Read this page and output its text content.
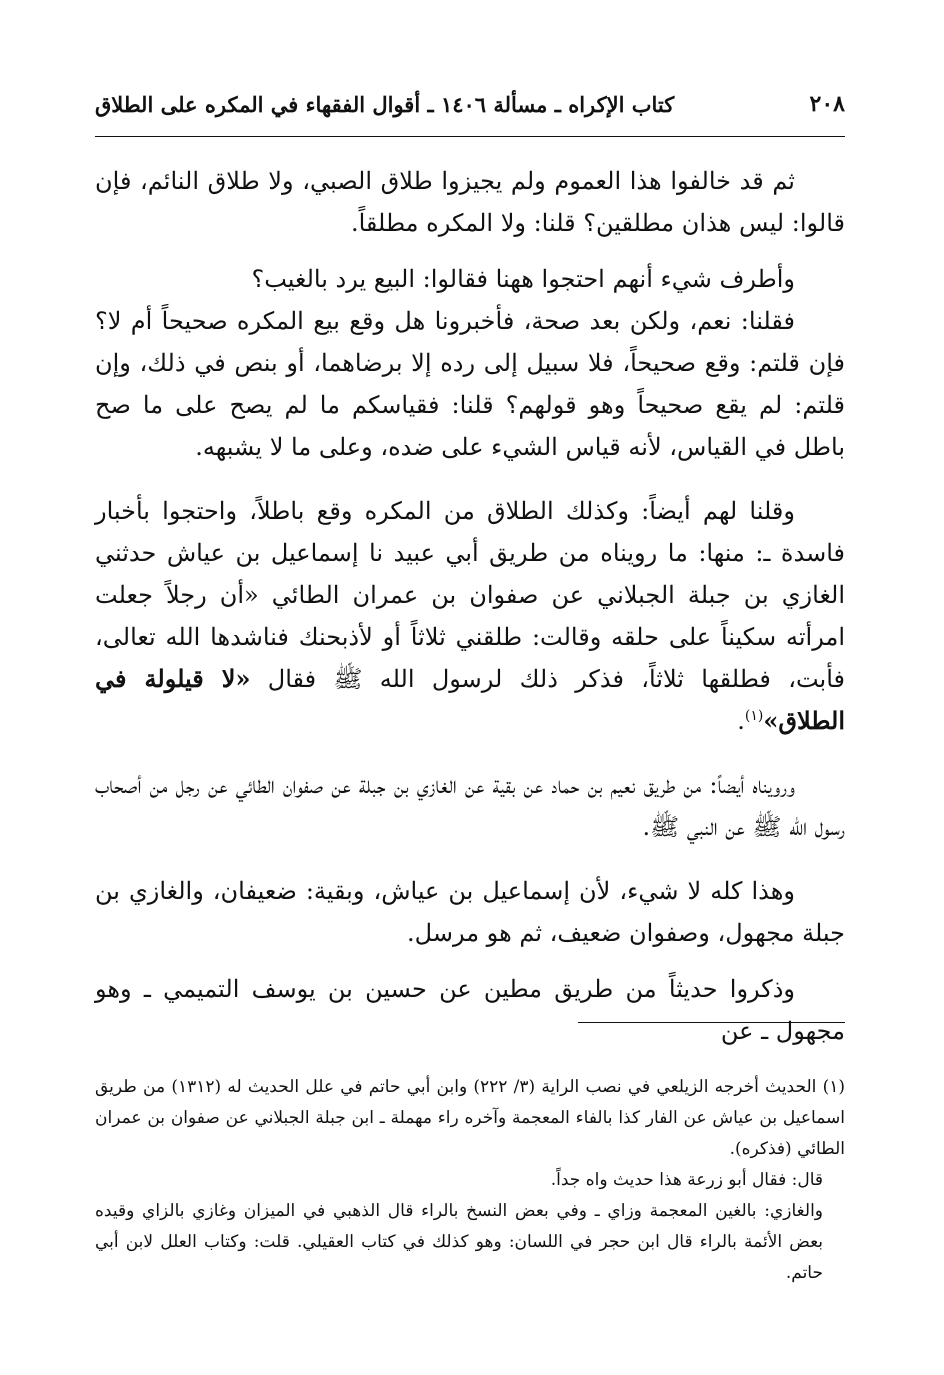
٢٠٨
كتاب الإكراه ـ مسألة ١٤٠٦ ـ أقوال الفقهاء في المكره على الطلاق

ثم قد خالفوا هذا العموم ولم يجيزوا طلاق الصبي، ولا طلاق النائم، فإن قالوا: ليس هذان مطلقين؟ قلنا: ولا المكره مطلقاً.

وأطرف شيء أنهم احتجوا ههنا فقالوا: البيع يرد بالغيب؟

فقلنا: نعم، ولكن بعد صحة، فأخبرونا هل وقع بيع المكره صحيحاً أم لا؟ فإن قلتم: وقع صحيحاً، فلا سبيل إلى رده إلا برضاهما، أو بنص في ذلك، وإن قلتم: لم يقع صحيحاً وهو قولهم؟ قلنا: فقياسكم ما لم يصح على ما صح باطل في القياس، لأنه قياس الشيء على ضده، وعلى ما لا يشبهه.

وقلنا لهم أيضاً: وكذلك الطلاق من المكره وقع باطلاً، واحتجوا بأخبار فاسدة ـ: منها: ما رويناه من طريق أبي عبيد نا إسماعيل بن عياش حدثني الغازي بن جبلة الجبلاني عن صفوان بن عمران الطائي «أن رجلاً جعلت امرأته سكيناً على حلقه وقالت: طلقني ثلاثاً أو لأذبحنك فناشدها الله تعالى، فأبت، فطلقها ثلاثاً، فذكر ذلك لرسول الله ﷺ فقال «لا قيلولة في الطلاق»$^{(١)}$.

ورويناه أيضاً: من طريق نعيم بن حماد عن بقية عن الغازي بن جبلة عن صفوان الطائي عن رجل من أصحاب رسول الله ﷺ عن النبي ﷺ.

وهذا كله لا شيء، لأن إسماعيل بن عياش، وبقية: ضعيفان، والغازي بن جبلة مجهول، وصفوان ضعيف، ثم هو مرسل.

وذكروا حديثاً من طريق مطين عن حسين بن يوسف التميمي ـ وهو مجهول ـ عن

(١) الحديث أخرجه الزيلعي في نصب الراية (٣/ ٢٢٢) وابن أبي حاتم في علل الحديث له (١٣١٢) من طريق اسماعيل بن عياش عن الفار كذا بالفاء المعجمة وآخره راء مهملة ـ ابن جبلة الجبلاني عن صفوان بن عمران الطائي (فذكره).

قال: فقال أبو زرعة هذا حديث واه جداً.

والغازي: بالغين المعجمة وزاي ـ وفي بعض النسخ بالراء قال الذهبي في الميزان وغازي بالزاي وقيده بعض الأئمة بالراء قال ابن حجر في اللسان: وهو كذلك في كتاب العقيلي. قلت: وكتاب العلل لابن أبي حاتم.
